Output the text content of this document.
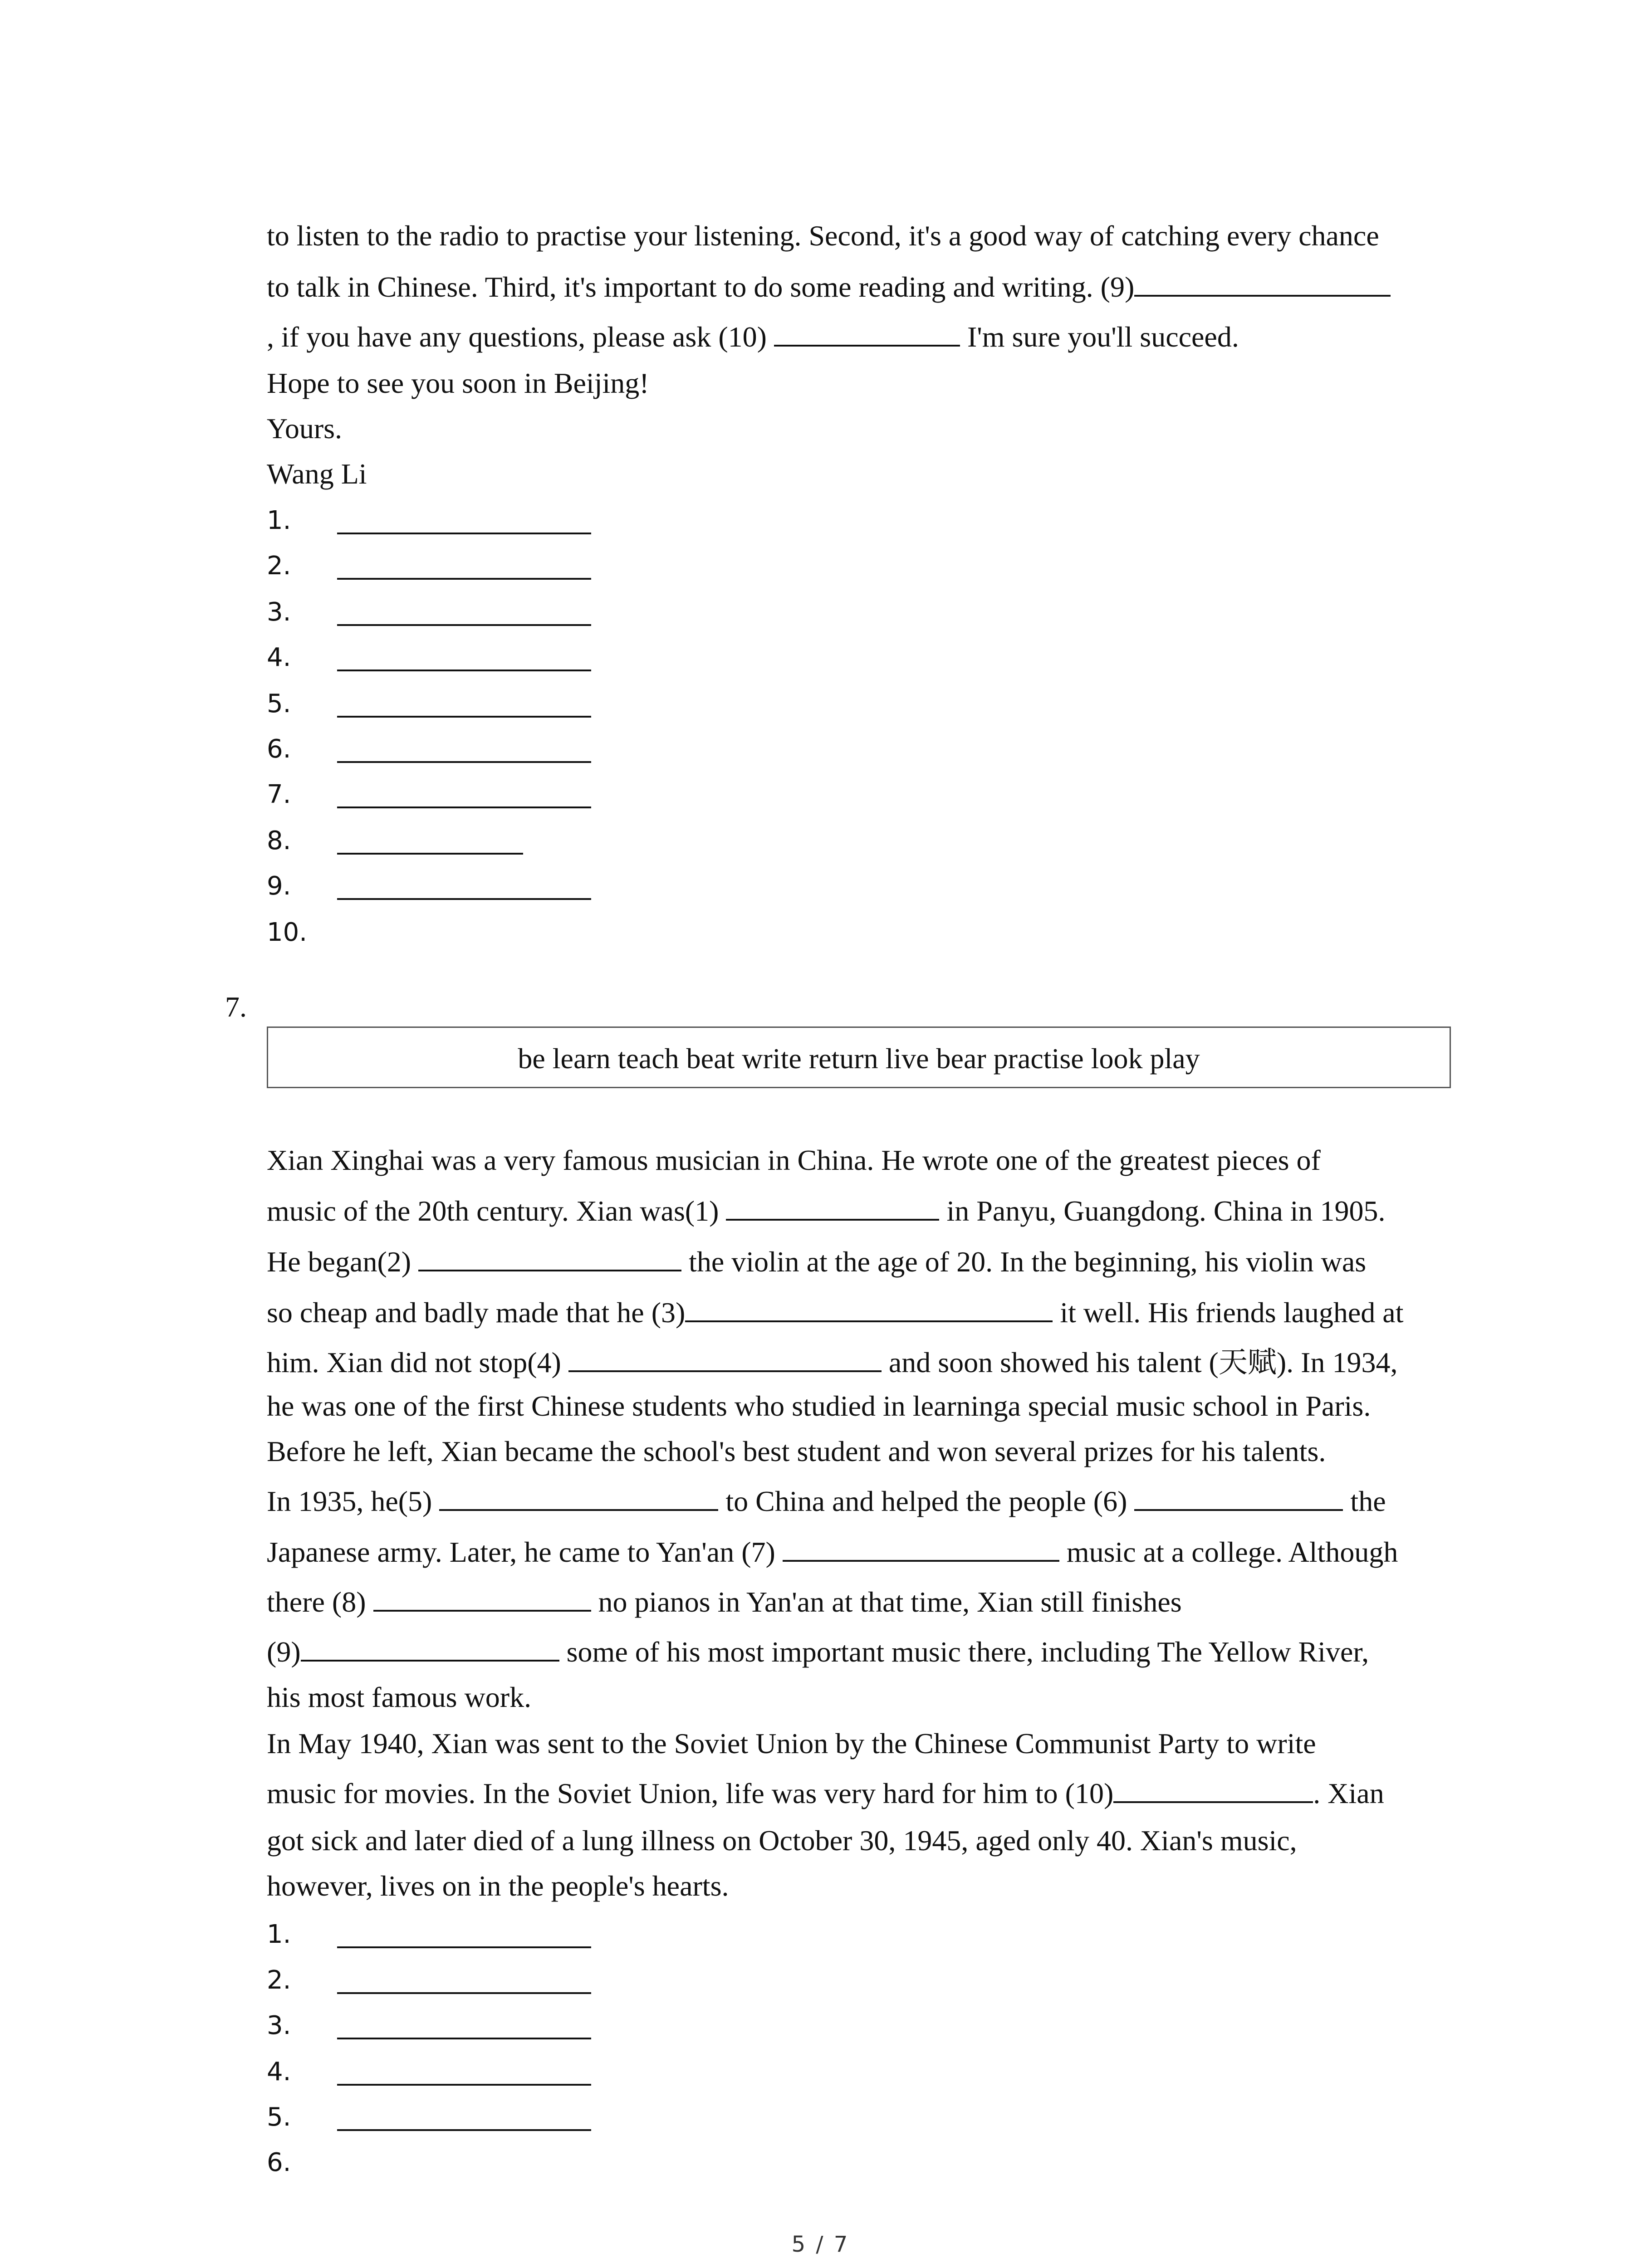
to listen to the radio to practise your listening. Second, it's a good way of catching every chance
to talk in Chinese. Third, it's important to do some reading and writing. (9)
, if you have any questions, please ask (10)	I'm sure you'll succeed.
Hope to see you soon in Beijing!
Yours.
Wang Li
1.
2.
3.
4.
5.
6.
7.
8.
9.
10.
7.
be learn teach beat write return live bear practise look play
Xian Xinghai was a very famous musician in China. He wrote one of the greatest pieces of
music of the 20th century. Xian was(1)	in Panyu, Guangdong. China in 1905.
He began(2)	the violin at the age of 20. In the beginning, his violin was
so cheap and badly made that he (3)	it well. His friends laughed at
him. Xian did not stop(4)	and soon showed his talent (天赋). In 1934,
he was one of the first Chinese students who studied in learninga special music school in Paris.
Before he left, Xian became the school's best student and won several prizes for his talents.
In 1935, he(5)	to China and helped the people (6)	the
Japanese army. Later, he came to Yan'an (7)	music at a college. Although
there (8)	no pianos in Yan'an at that time, Xian still finishes
(9)	some of his most important music there, including The Yellow River,
his most famous work.
In May 1940, Xian was sent to the Soviet Union by the Chinese Communist Party to write
music for movies. In the Soviet Union, life was very hard for him to (10)	. Xian
got sick and later died of a lung illness on October 30, 1945, aged only 40. Xian's music,
however, lives on in the people's hearts.
1.
2.
3.
4.
5.
6.
5 / 7
